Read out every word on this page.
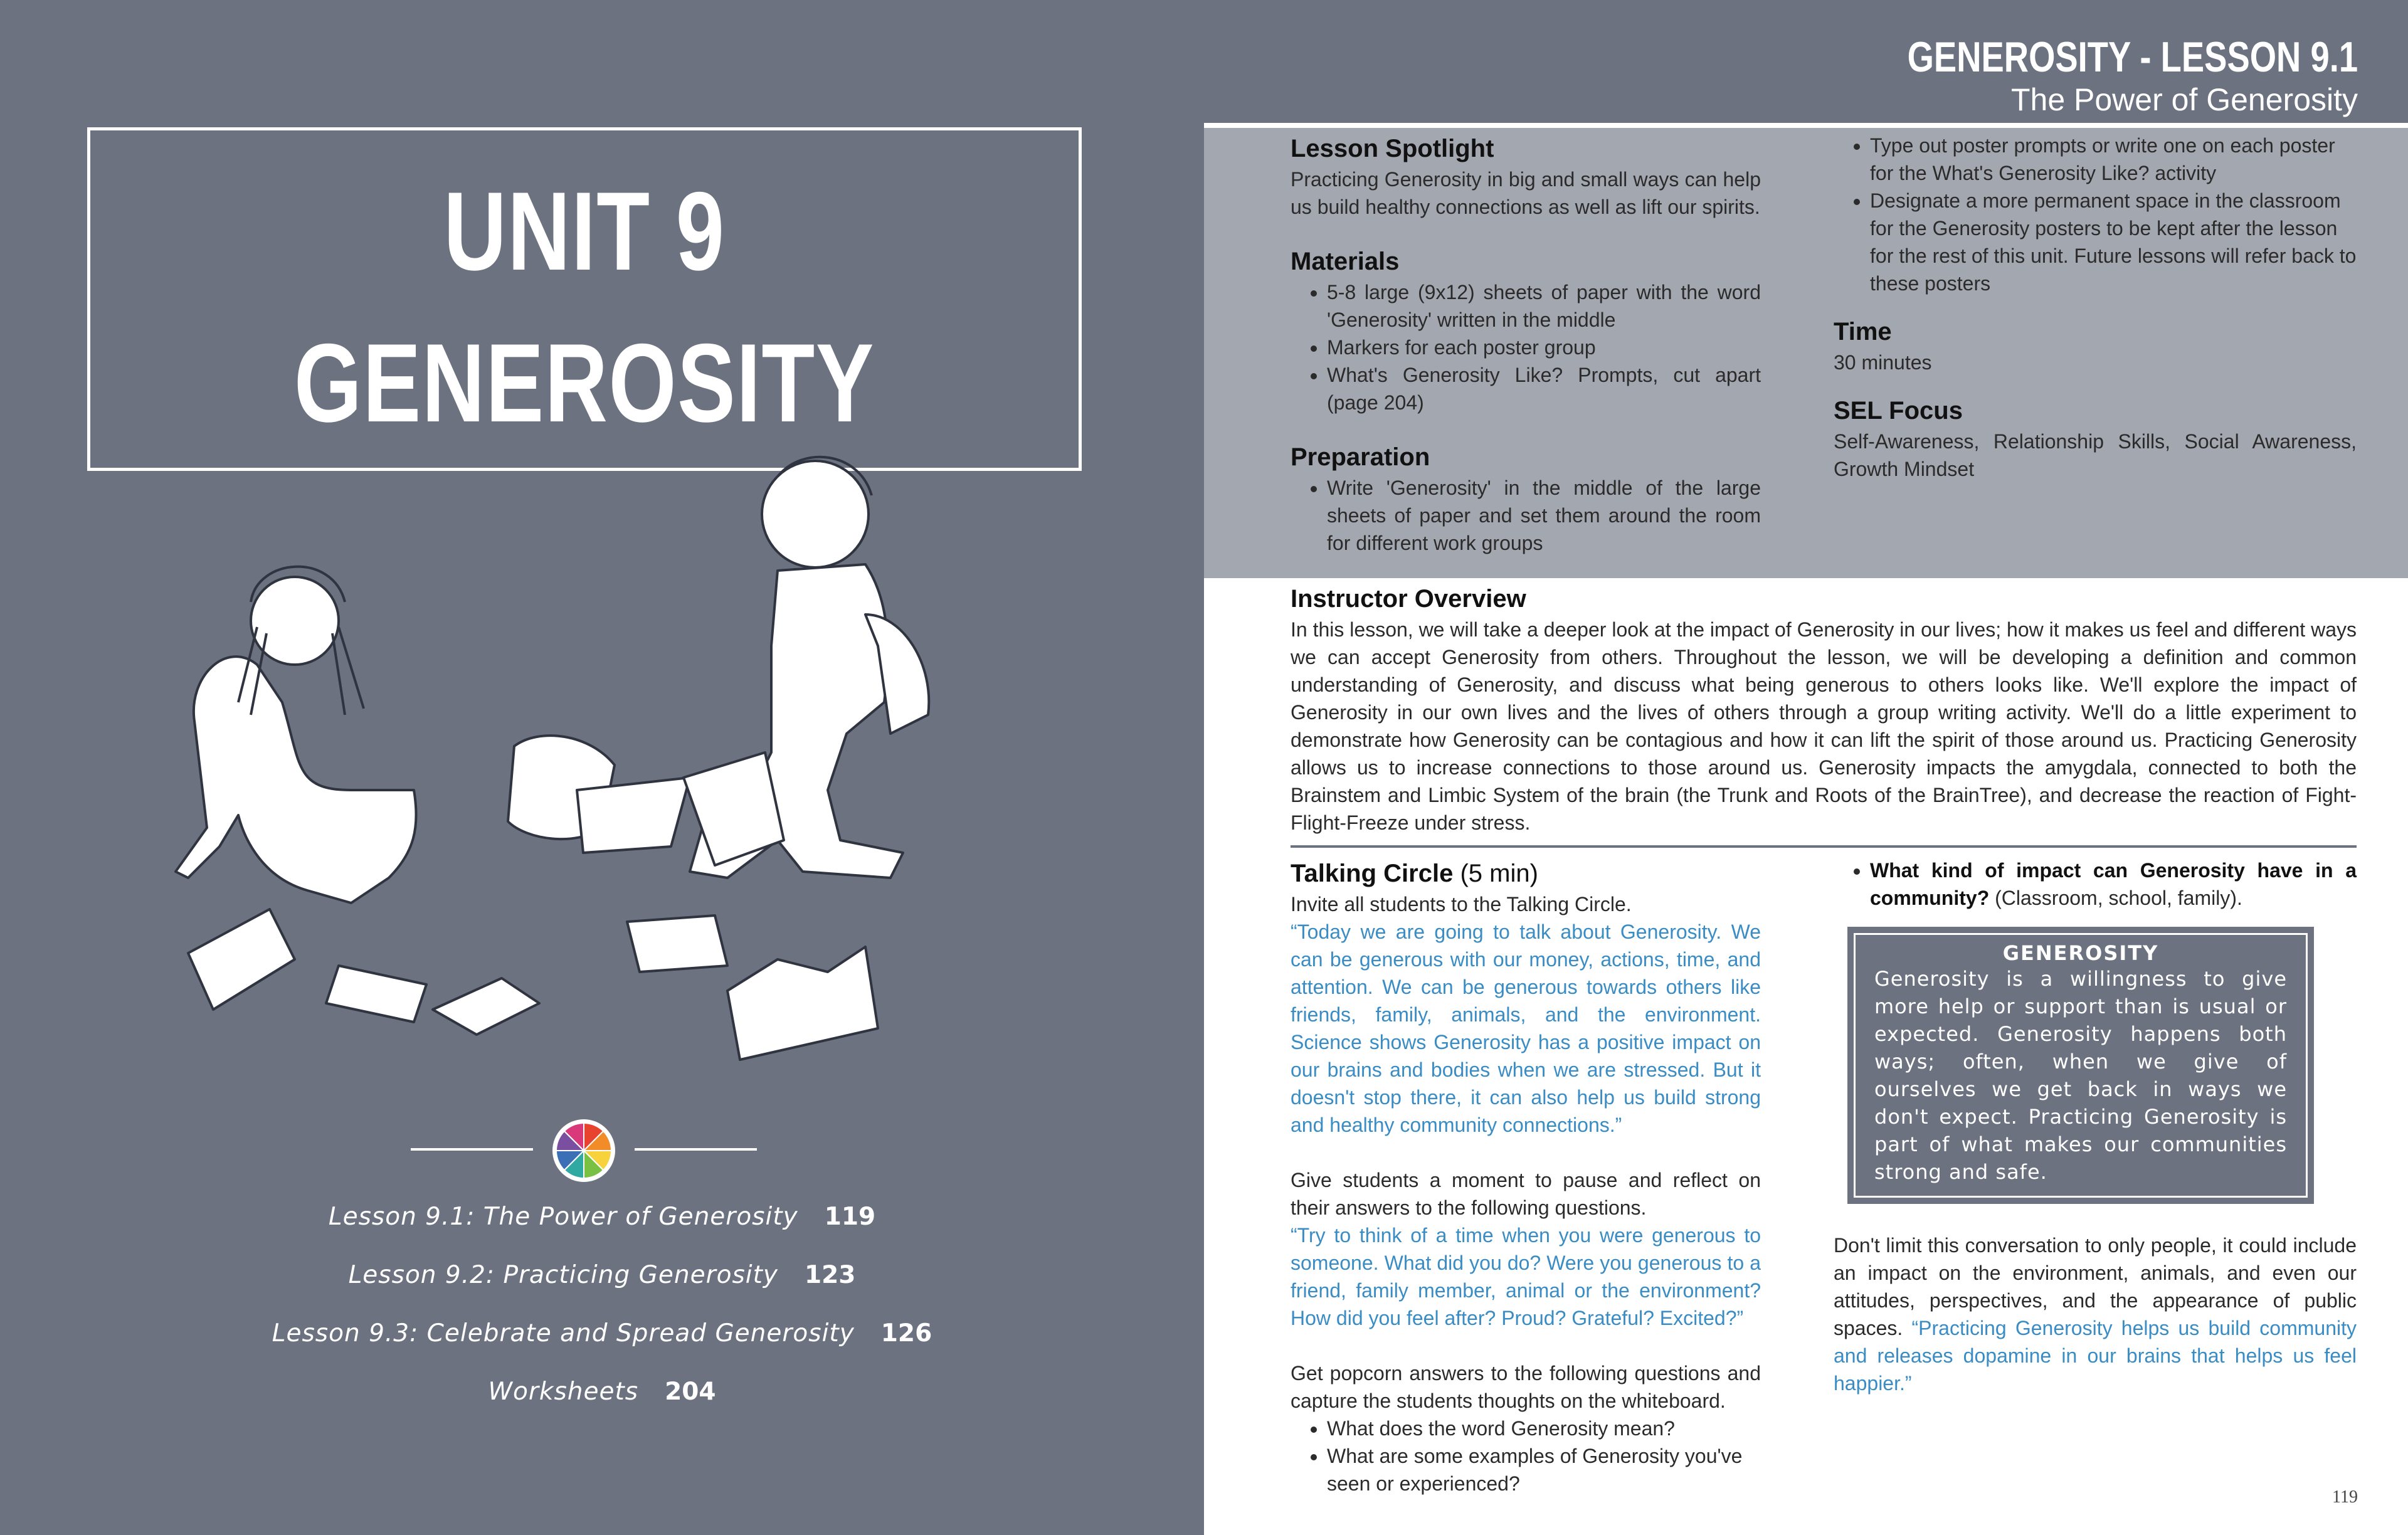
UNIT 9
GENEROSITY
Lesson 9.1: The Power of Generosity 119
Lesson 9.2: Practicing Generosity 123
Lesson 9.3: Celebrate and Spread Generosity 126
Worksheets 204
GENEROSITY - LESSON 9.1
The Power of Generosity
Lesson Spotlight
Practicing Generosity in big and small ways can help us build healthy connections as well as lift our spirits.
Materials
• 5-8 large (9x12) sheets of paper with the word 'Generosity' written in the middle
• Markers for each poster group
• What's Generosity Like? Prompts, cut apart (page 204)
Preparation
• Write 'Generosity' in the middle of the large sheets of paper and set them around the room for different work groups
• Type out poster prompts or write one on each poster for the What's Generosity Like? activity
• Designate a more permanent space in the classroom for the Generosity posters to be kept after the lesson for the rest of this unit. Future lessons will refer back to these posters
Time
30 minutes
SEL Focus
Self-Awareness, Relationship Skills, Social Awareness, Growth Mindset
Instructor Overview
In this lesson, we will take a deeper look at the impact of Generosity in our lives; how it makes us feel and different ways we can accept Generosity from others. Throughout the lesson, we will be developing a definition and common understanding of Generosity, and discuss what being generous to others looks like. We'll explore the impact of Generosity in our own lives and the lives of others through a group writing activity. We'll do a little experiment to demonstrate how Generosity can be contagious and how it can lift the spirit of those around us. Practicing Generosity allows us to increase connections to those around us. Generosity impacts the amygdala, connected to both the Brainstem and Limbic System of the brain (the Trunk and Roots of the BrainTree), and decrease the reaction of Fight-Flight-Freeze under stress.
Talking Circle (5 min)
Invite all students to the Talking Circle.
“Today we are going to talk about Generosity. We can be generous with our money, actions, time, and attention. We can be generous towards others like friends, family, animals, and the environment. Science shows Generosity has a positive impact on our brains and bodies when we are stressed. But it doesn't stop there, it can also help us build strong and healthy community connections.”
Give students a moment to pause and reflect on their answers to the following questions.
“Try to think of a time when you were generous to someone. What did you do? Were you generous to a friend, family member, animal or the environment? How did you feel after? Proud? Grateful? Excited?”
Get popcorn answers to the following questions and capture the students thoughts on the whiteboard.
• What does the word Generosity mean?
• What are some examples of Generosity you've seen or experienced?
• What kind of impact can Generosity have in a community? (Classroom, school, family).
GENEROSITY
Generosity is a willingness to give more help or support than is usual or expected. Generosity happens both ways; often, when we give of ourselves we get back in ways we don't expect. Practicing Generosity is part of what makes our communities strong and safe.
Don't limit this conversation to only people, it could include an impact on the environment, animals, and even our attitudes, perspectives, and the appearance of public spaces. “Practicing Generosity helps us build community and releases dopamine in our brains that helps us feel happier.”
119
